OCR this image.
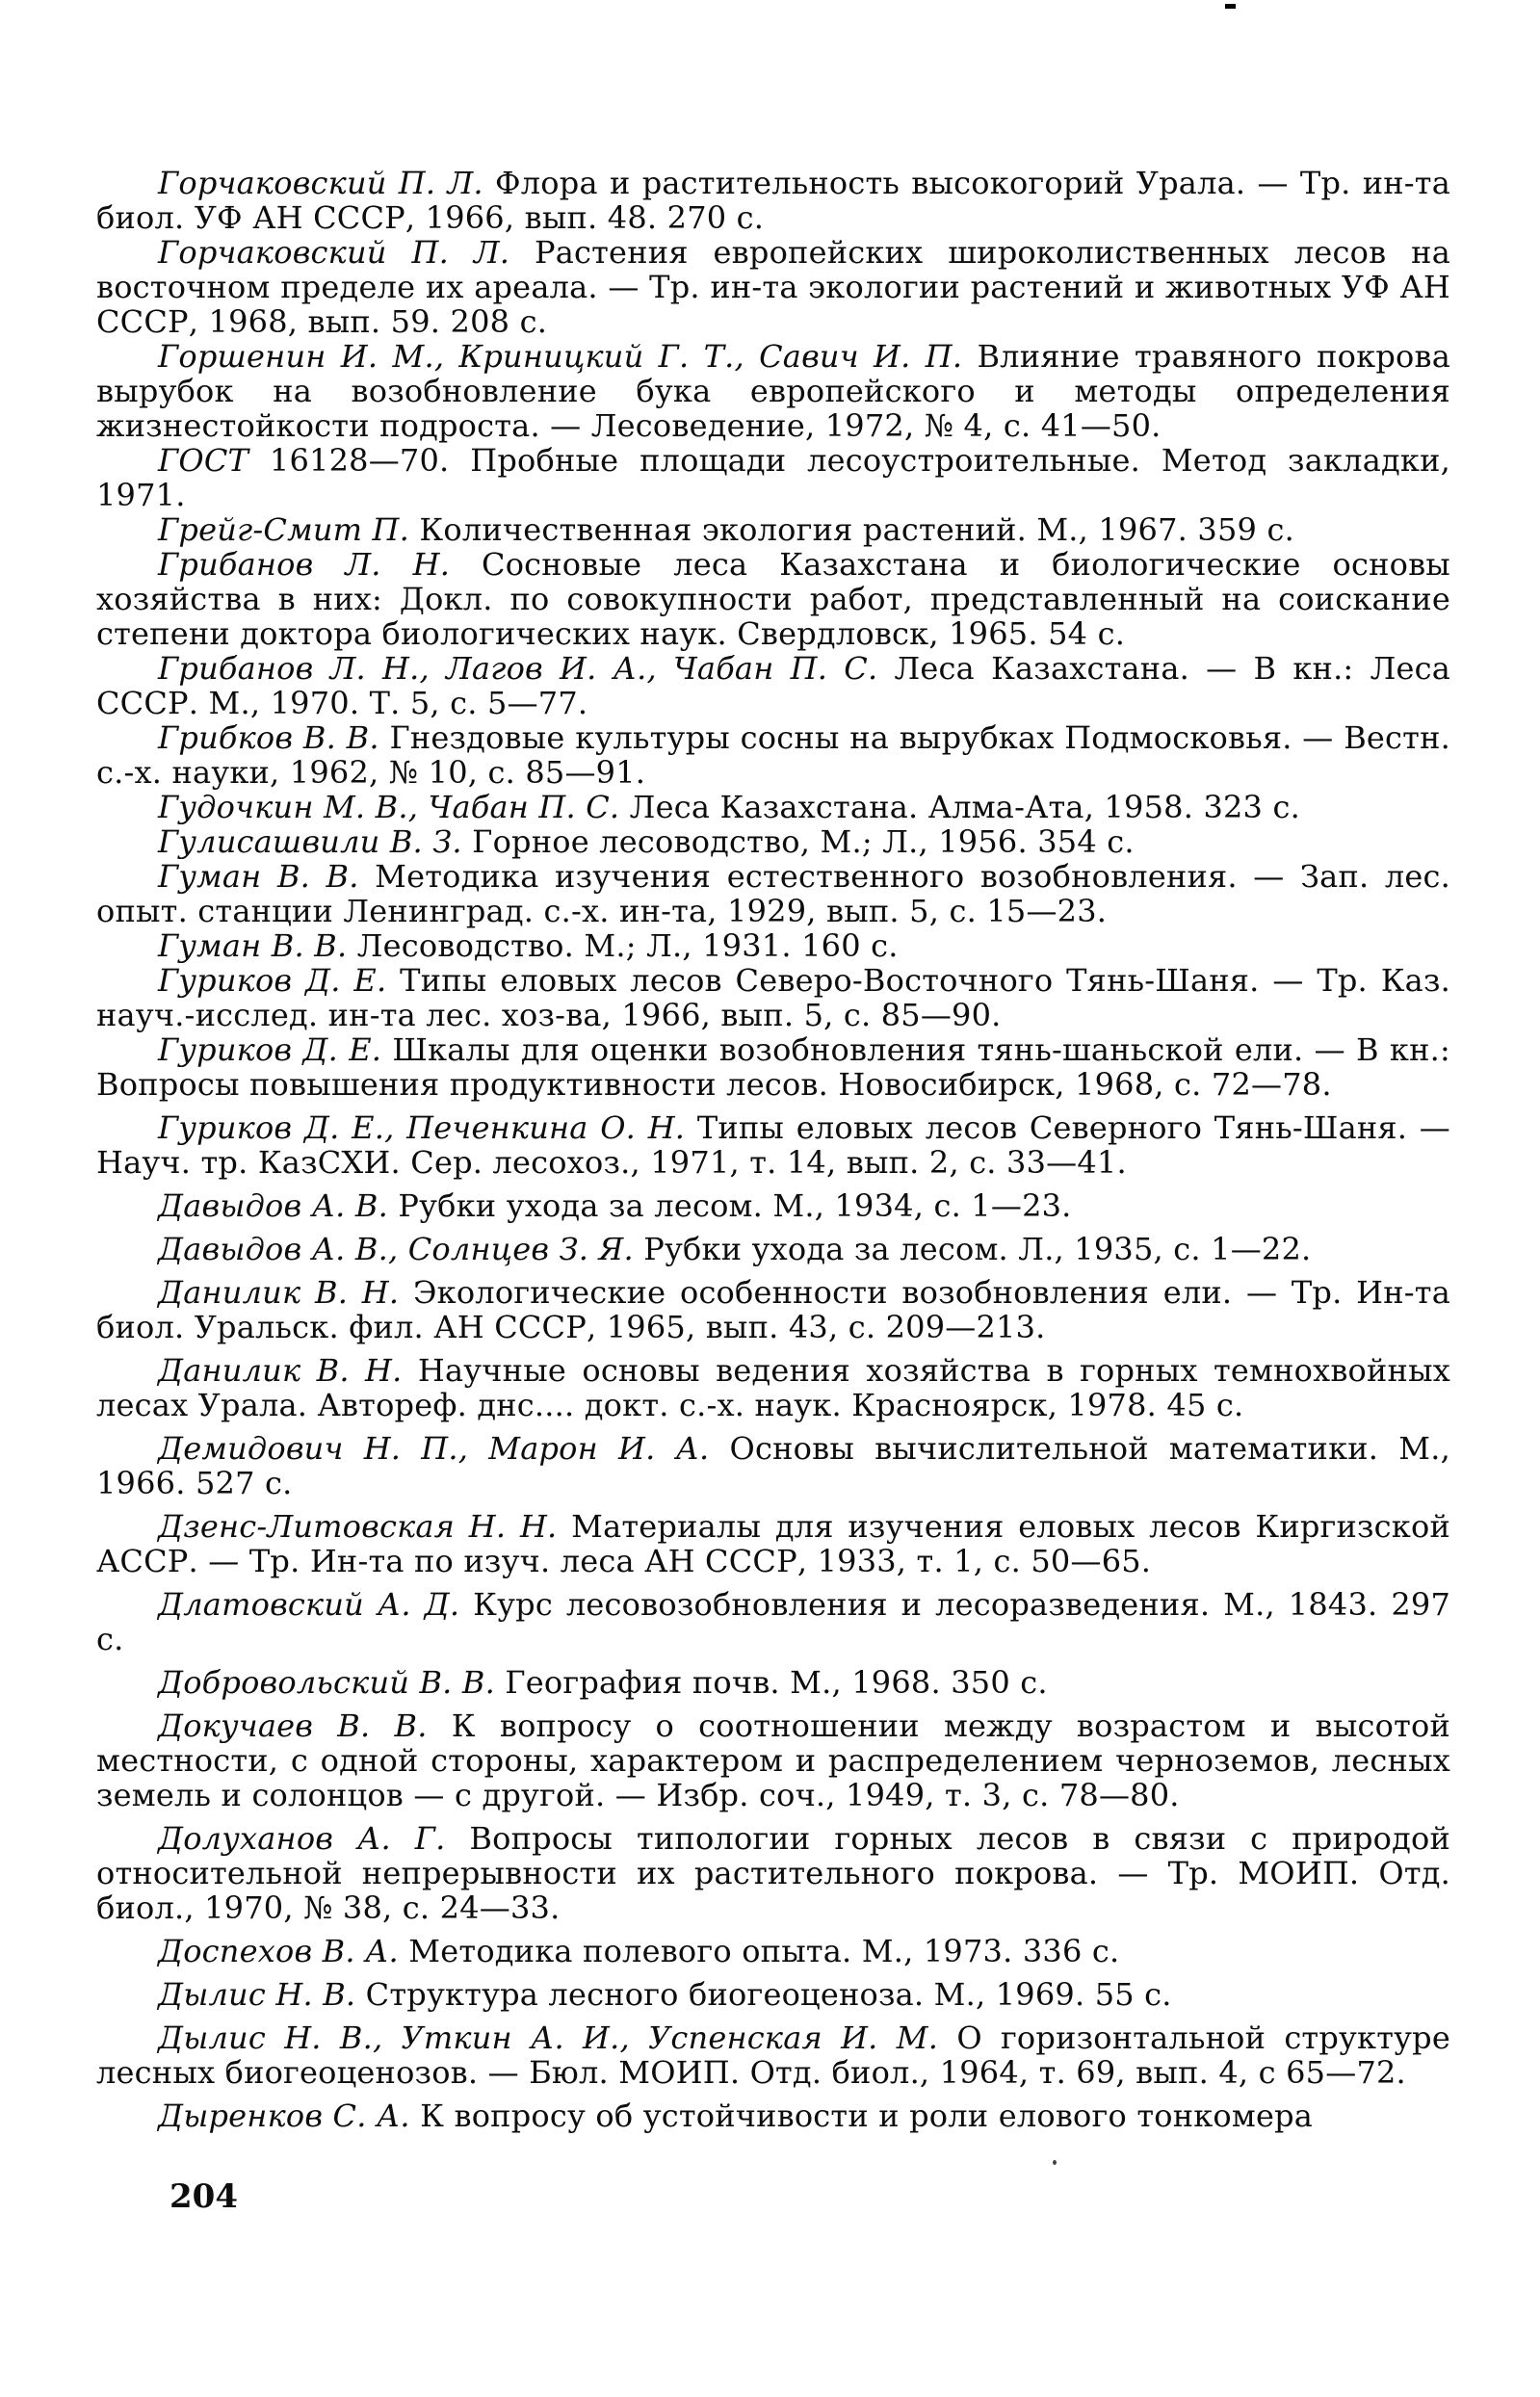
Горчаковский П. Л. Флора и растительность высокогорий Урала. — Тр. ин-та биол. УФ АН СССР, 1966, вып. 48. 270 с.

Горчаковский П. Л. Растения европейских широколиственных лесов на восточном пределе их ареала. — Тр. ин-та экологии растений и животных УФ АН СССР, 1968, вып. 59. 208 с.

Горшенин И. М., Криницкий Г. Т., Савич И. П. Влияние травяного покрова вырубок на возобновление бука европейского и методы определения жизнестойкости подроста. — Лесоведение, 1972, № 4, с. 41—50.

ГОСТ 16128—70. Пробные площади лесоустроительные. Метод закладки, 1971.

Грейг-Смит П. Количественная экология растений. М., 1967. 359 с.

Грибанов Л. Н. Сосновые леса Казахстана и биологические основы хозяйства в них: Докл. по совокупности работ, представленный на соискание степени доктора биологических наук. Свердловск, 1965. 54 с.

Грибанов Л. Н., Лагов И. А., Чабан П. С. Леса Казахстана. — В кн.: Леса СССР. М., 1970. Т. 5, с. 5—77.

Грибков В. В. Гнездовые культуры сосны на вырубках Подмосковья. — Вестн. с.-х. науки, 1962, № 10, с. 85—91.

Гудочкин М. В., Чабан П. С. Леса Казахстана. Алма-Ата, 1958. 323 с.

Гулисашвили В. З. Горное лесоводство, М.; Л., 1956. 354 с.

Гуман В. В. Методика изучения естественного возобновления. — Зап. лес. опыт. станции Ленинград. с.-х. ин-та, 1929, вып. 5, с. 15—23.

Гуман В. В. Лесоводство. М.; Л., 1931. 160 с.

Гуриков Д. Е. Типы еловых лесов Северо-Восточного Тянь-Шаня. — Тр. Каз. науч.-исслед. ин-та лес. хоз-ва, 1966, вып. 5, с. 85—90.

Гуриков Д. Е. Шкалы для оценки возобновления тянь-шаньской ели. — В кн.: Вопросы повышения продуктивности лесов. Новосибирск, 1968, с. 72—78.

Гуриков Д. Е., Печенкина О. Н. Типы еловых лесов Северного Тянь-Шаня. — Науч. тр. КазСХИ. Сер. лесохоз., 1971, т. 14, вып. 2, с. 33—41.

Давыдов А. В. Рубки ухода за лесом. М., 1934, с. 1—23.

Давыдов А. В., Солнцев З. Я. Рубки ухода за лесом. Л., 1935, с. 1—22.

Данилик В. Н. Экологические особенности возобновления ели. — Тр. Ин-та биол. Уральск. фил. АН СССР, 1965, вып. 43, с. 209—213.

Данилик В. Н. Научные основы ведения хозяйства в горных темнохвойных лесах Урала. Автореф. днс.... докт. с.-х. наук. Красноярск, 1978. 45 с.

Демидович Н. П., Марон И. А. Основы вычислительной математики. М., 1966. 527 с.

Дзенс-Литовская Н. Н. Материалы для изучения еловых лесов Киргизской АССР. — Тр. Ин-та по изуч. леса АН СССР, 1933, т. 1, с. 50—65.

Длатовский А. Д. Курс лесовозобновления и лесоразведения. М., 1843. 297 с.

Добровольский В. В. География почв. М., 1968. 350 с.

Докучаев В. В. К вопросу о соотношении между возрастом и высотой местности, с одной стороны, характером и распределением черноземов, лесных земель и солонцов — с другой. — Избр. соч., 1949, т. 3, с. 78—80.

Долуханов А. Г. Вопросы типологии горных лесов в связи с природой относительной непрерывности их растительного покрова. — Тр. МОИП. Отд. биол., 1970, № 38, с. 24—33.

Доспехов В. А. Методика полевого опыта. М., 1973. 336 с.

Дылис Н. В. Структура лесного биогеоценоза. М., 1969. 55 с.

Дылис Н. В., Уткин А. И., Успенская И. М. О горизонтальной структуре лесных биогеоценозов. — Бюл. МОИП. Отд. биол., 1964, т. 69, вып. 4, с 65—72.

Дыренков С. А. К вопросу об устойчивости и роли елового тонкомера

204
